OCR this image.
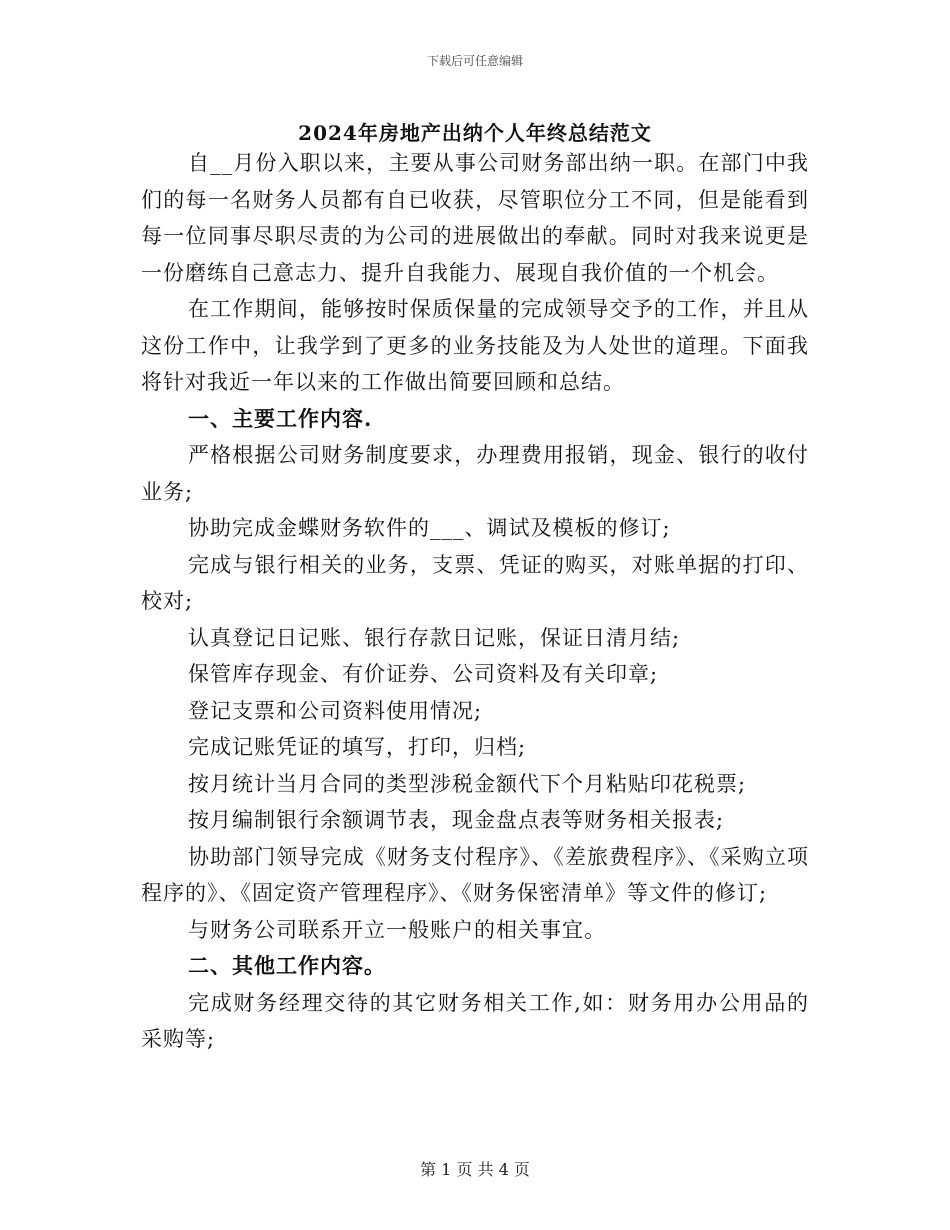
下载后可任意编辑
2024年房地产出纳个人年终总结范文

自__月份入职以来，主要从事公司财务部出纳一职。在部门中我们的每一名财务人员都有自已收获，尽管职位分工不同，但是能看到每一位同事尽职尽责的为公司的进展做出的奉献。同时对我来说更是一份磨练自己意志力、提升自我能力、展现自我价值的一个机会。

在工作期间，能够按时保质保量的完成领导交予的工作，并且从这份工作中，让我学到了更多的业务技能及为人处世的道理。下面我将针对我近一年以来的工作做出简要回顾和总结。

一、主要工作内容.

严格根据公司财务制度要求，办理费用报销，现金、银行的收付业务;

协助完成金蝶财务软件的___、调试及模板的修订;

完成与银行相关的业务，支票、凭证的购买，对账单据的打印、校对;

认真登记日记账、银行存款日记账，保证日清月结;

保管库存现金、有价证券、公司资料及有关印章;

登记支票和公司资料使用情况;

完成记账凭证的填写，打印，归档;

按月统计当月合同的类型涉税金额代下个月粘贴印花税票;

按月编制银行余额调节表，现金盘点表等财务相关报表;

协助部门领导完成《财务支付程序》、《差旅费程序》、《采购立项程序的》、《固定资产管理程序》、《财务保密清单》等文件的修订;

与财务公司联系开立一般账户的相关事宜。

二、其他工作内容。

完成财务经理交待的其它财务相关工作,如：财务用办公用品的采购等;

第 1 页 共 4 页
